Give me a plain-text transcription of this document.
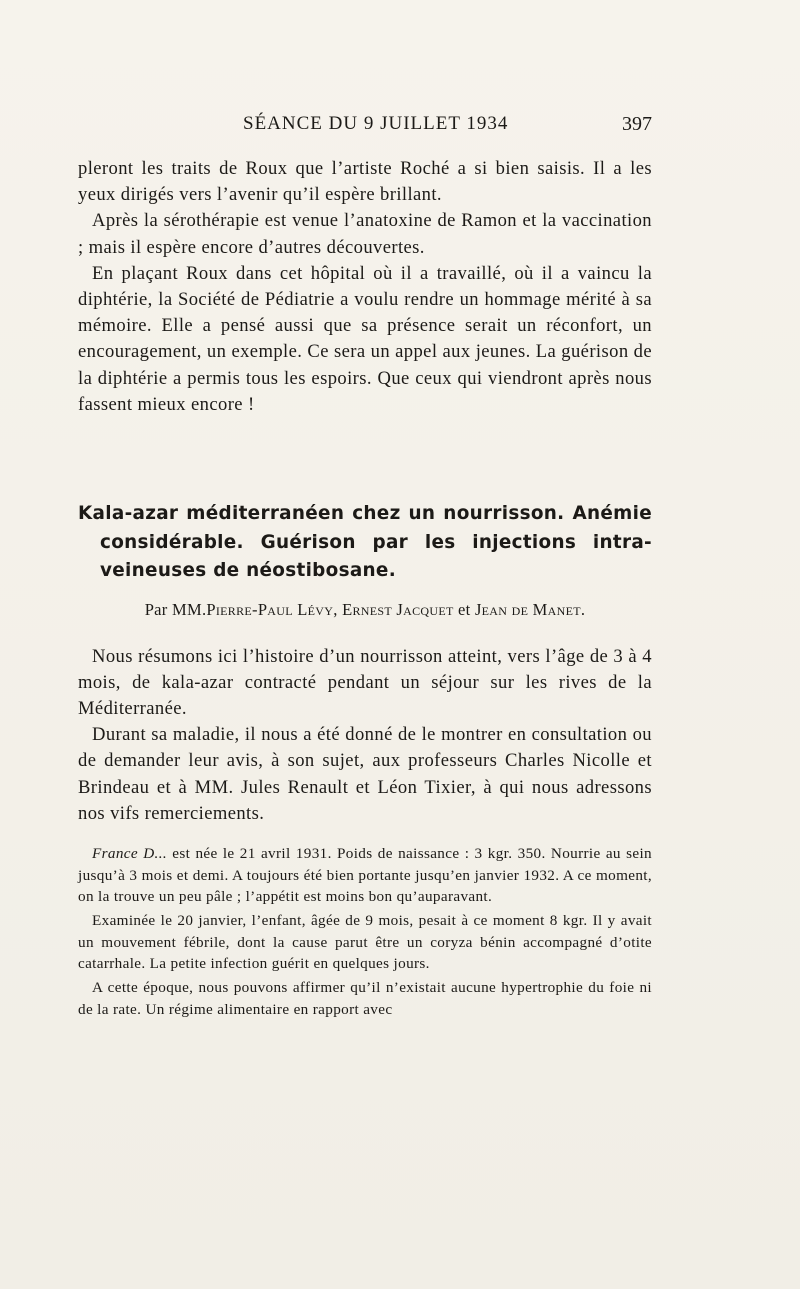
SÉANCE DU 9 JUILLET 1934	397

pleront les traits de Roux que l’artiste Roché a si bien saisis. Il a les yeux dirigés vers l’avenir qu’il espère brillant.

Après la sérothérapie est venue l’anatoxine de Ramon et la vaccination ; mais il espère encore d’autres découvertes.

En plaçant Roux dans cet hôpital où il a travaillé, où il a vaincu la diphtérie, la Société de Pédiatrie a voulu rendre un hommage mérité à sa mémoire. Elle a pensé aussi que sa présence serait un réconfort, un encouragement, un exemple. Ce sera un appel aux jeunes. La guérison de la diphtérie a permis tous les espoirs. Que ceux qui viendront après nous fassent mieux encore !

Kala-azar méditerranéen chez un nourrisson. Anémie considérable. Guérison par les injections intra-veineuses de néostibosane.

Par MM.Pierre-Paul Lévy, Ernest Jacquet et Jean de Manet.

Nous résumons ici l’histoire d’un nourrisson atteint, vers l’âge de 3 à 4 mois, de kala-azar contracté pendant un séjour sur les rives de la Méditerranée.

Durant sa maladie, il nous a été donné de le montrer en consultation ou de demander leur avis, à son sujet, aux professeurs Charles Nicolle et Brindeau et à MM. Jules Renault et Léon Tixier, à qui nous adressons nos vifs remerciements.

France D... est née le 21 avril 1931. Poids de naissance : 3 kgr. 350. Nourrie au sein jusqu’à 3 mois et demi. A toujours été bien portante jusqu’en janvier 1932. A ce moment, on la trouve un peu pâle ; l’appétit est moins bon qu’auparavant.

Examinée le 20 janvier, l’enfant, âgée de 9 mois, pesait à ce moment 8 kgr. Il y avait un mouvement fébrile, dont la cause parut être un coryza bénin accompagné d’otite catarrhale. La petite infection guérit en quelques jours.

A cette époque, nous pouvons affirmer qu’il n’existait aucune hypertrophie du foie ni de la rate. Un régime alimentaire en rapport avec
